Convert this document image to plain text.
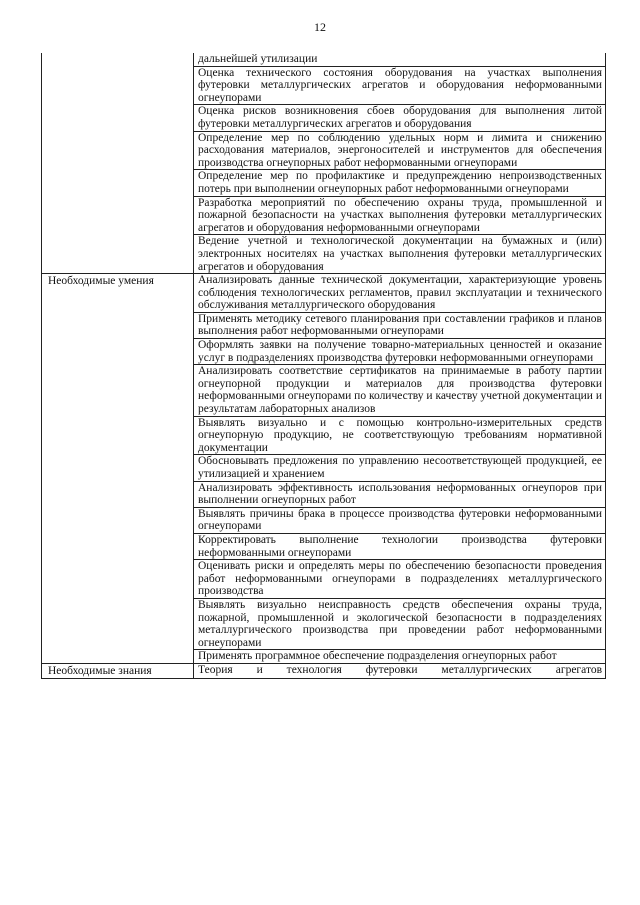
12

	дальнейшей утилизации

	Оценка технического состояния оборудования на участках выполнения футеровки металлургических агрегатов и оборудования неформованными огнеупорами

	Оценка рисков возникновения сбоев оборудования для выполнения литой футеровки металлургических агрегатов и оборудования

	Определение мер по соблюдению удельных норм и лимита и снижению расходования материалов, энергоносителей и инструментов для обеспечения производства огнеупорных работ неформованными огнеупорами

	Определение мер по профилактике и предупреждению непроизводственных потерь при выполнении огнеупорных работ неформованными огнеупорами

	Разработка мероприятий по обеспечению охраны труда, промышленной и пожарной безопасности на участках выполнения футеровки металлургических агрегатов и оборудования неформованными огнеупорами

	Ведение учетной и технологической документации на бумажных и (или) электронных носителях на участках выполнения футеровки металлургических агрегатов и оборудования

Необходимые умения	Анализировать данные технической документации, характеризующие уровень соблюдения технологических регламентов, правил эксплуатации и технического обслуживания металлургического оборудования

	Применять методику сетевого планирования при составлении графиков и планов выполнения работ неформованными огнеупорами

	Оформлять заявки на получение товарно-материальных ценностей и оказание услуг в подразделениях производства футеровки неформованными огнеупорами

	Анализировать соответствие сертификатов на принимаемые в работу партии огнеупорной продукции и материалов для производства футеровки неформованными огнеупорами по количеству и качеству учетной документации и результатам лабораторных анализов

	Выявлять визуально и с помощью контрольно-измерительных средств огнеупорную продукцию, не соответствующую требованиям нормативной документации

	Обосновывать предложения по управлению несоответствующей продукцией, ее утилизацией и хранением

	Анализировать эффективность использования неформованных огнеупоров при выполнении огнеупорных работ

	Выявлять причины брака в процессе производства футеровки неформованными огнеупорами

	Корректировать выполнение технологии производства футеровки неформованными огнеупорами

	Оценивать риски и определять меры по обеспечению безопасности проведения работ неформованными огнеупорами в подразделениях металлургического производства

	Выявлять визуально неисправность средств обеспечения охраны труда, пожарной, промышленной и экологической безопасности в подразделениях металлургического производства при проведении работ неформованными огнеупорами

	Применять программное обеспечение подразделения огнеупорных работ

Необходимые знания	Теория и технология футеровки металлургических агрегатов
